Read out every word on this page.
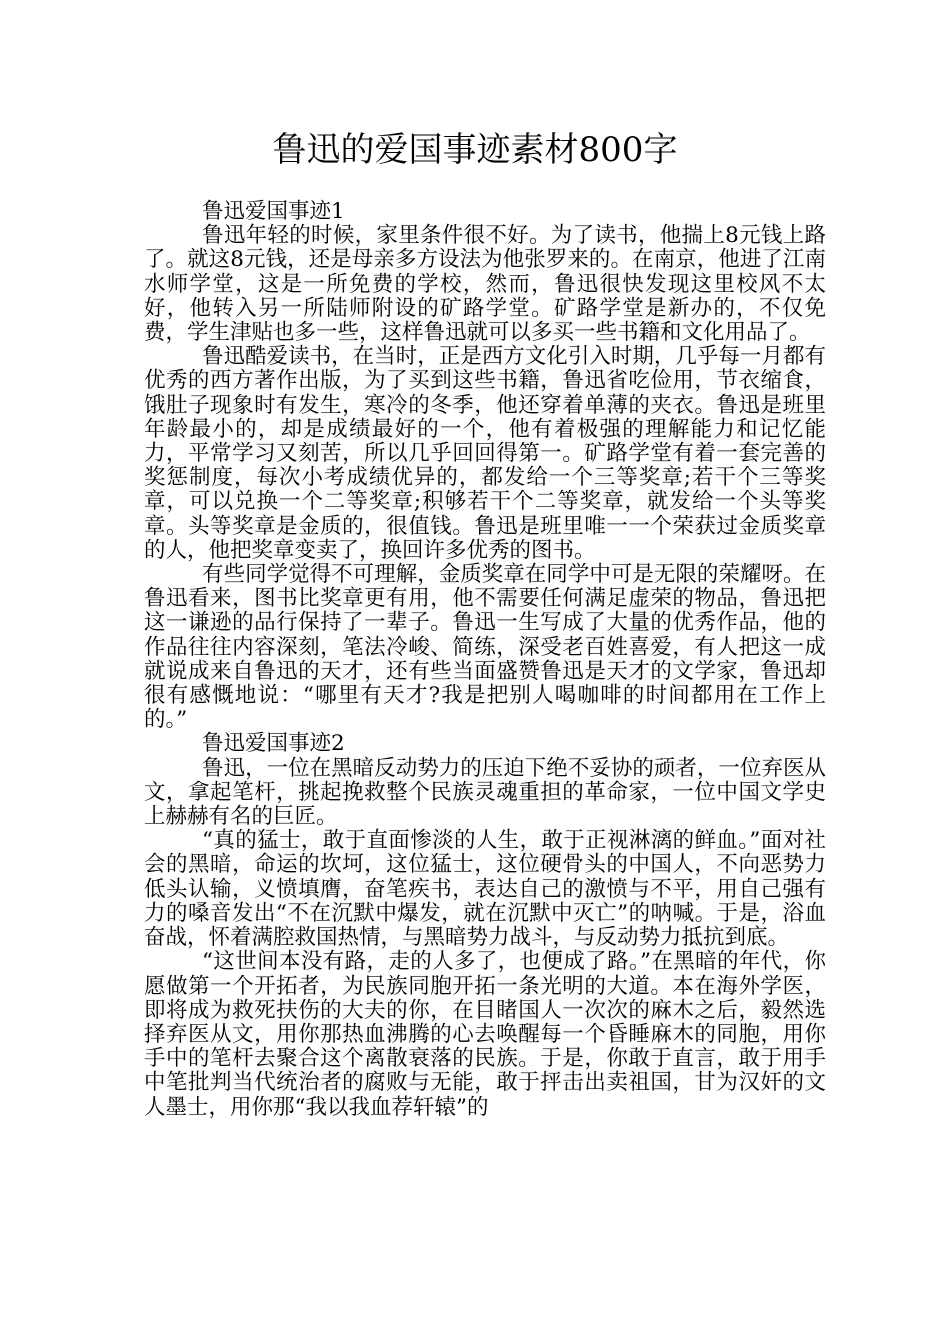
鲁迅的爱国事迹素材800字

鲁迅爱国事迹1

鲁迅年轻的时候，家里条件很不好。为了读书，他揣上8元钱上路了。就这8元钱，还是母亲多方设法为他张罗来的。在南京，他进了江南水师学堂，这是一所免费的学校，然而，鲁迅很快发现这里校风不太好，他转入另一所陆师附设的矿路学堂。矿路学堂是新办的，不仅免费，学生津贴也多一些，这样鲁迅就可以多买一些书籍和文化用品了。

鲁迅酷爱读书，在当时，正是西方文化引入时期，几乎每一月都有优秀的西方著作出版，为了买到这些书籍，鲁迅省吃俭用，节衣缩食，饿肚子现象时有发生，寒冷的冬季，他还穿着单薄的夹衣。鲁迅是班里年龄最小的，却是成绩最好的一个，他有着极强的理解能力和记忆能力，平常学习又刻苦，所以几乎回回得第一。矿路学堂有着一套完善的奖惩制度，每次小考成绩优异的，都发给一个三等奖章;若干个三等奖章，可以兑换一个二等奖章;积够若干个二等奖章，就发给一个头等奖章。头等奖章是金质的，很值钱。鲁迅是班里唯一一个荣获过金质奖章的人，他把奖章变卖了，换回许多优秀的图书。

有些同学觉得不可理解，金质奖章在同学中可是无限的荣耀呀。在鲁迅看来，图书比奖章更有用，他不需要任何满足虚荣的物品，鲁迅把这一谦逊的品行保持了一辈子。鲁迅一生写成了大量的优秀作品，他的作品往往内容深刻，笔法冷峻、简练，深受老百姓喜爱，有人把这一成就说成来自鲁迅的天才，还有些当面盛赞鲁迅是天才的文学家，鲁迅却很有感慨地说：“哪里有天才?我是把别人喝咖啡的时间都用在工作上的。”

鲁迅爱国事迹2

鲁迅，一位在黑暗反动势力的压迫下绝不妥协的顽者，一位弃医从文，拿起笔杆，挑起挽救整个民族灵魂重担的革命家，一位中国文学史上赫赫有名的巨匠。

“真的猛士，敢于直面惨淡的人生，敢于正视淋漓的鲜血。”面对社会的黑暗，命运的坎坷，这位猛士，这位硬骨头的中国人，不向恶势力低头认输，义愤填膺，奋笔疾书，表达自己的激愤与不平，用自己强有力的嗓音发出“不在沉默中爆发，就在沉默中灭亡”的呐喊。于是，浴血奋战，怀着满腔救国热情，与黑暗势力战斗，与反动势力抵抗到底。

“这世间本没有路，走的人多了，也便成了路。”在黑暗的年代，你愿做第一个开拓者，为民族同胞开拓一条光明的大道。本在海外学医，即将成为救死扶伤的大夫的你，在目睹国人一次次的麻木之后，毅然选择弃医从文，用你那热血沸腾的心去唤醒每一个昏睡麻木的同胞，用你手中的笔杆去聚合这个离散衰落的民族。于是，你敢于直言，敢于用手中笔批判当代统治者的腐败与无能，敢于抨击出卖祖国，甘为汉奸的文人墨士，用你那“我以我血荐轩辕”的
